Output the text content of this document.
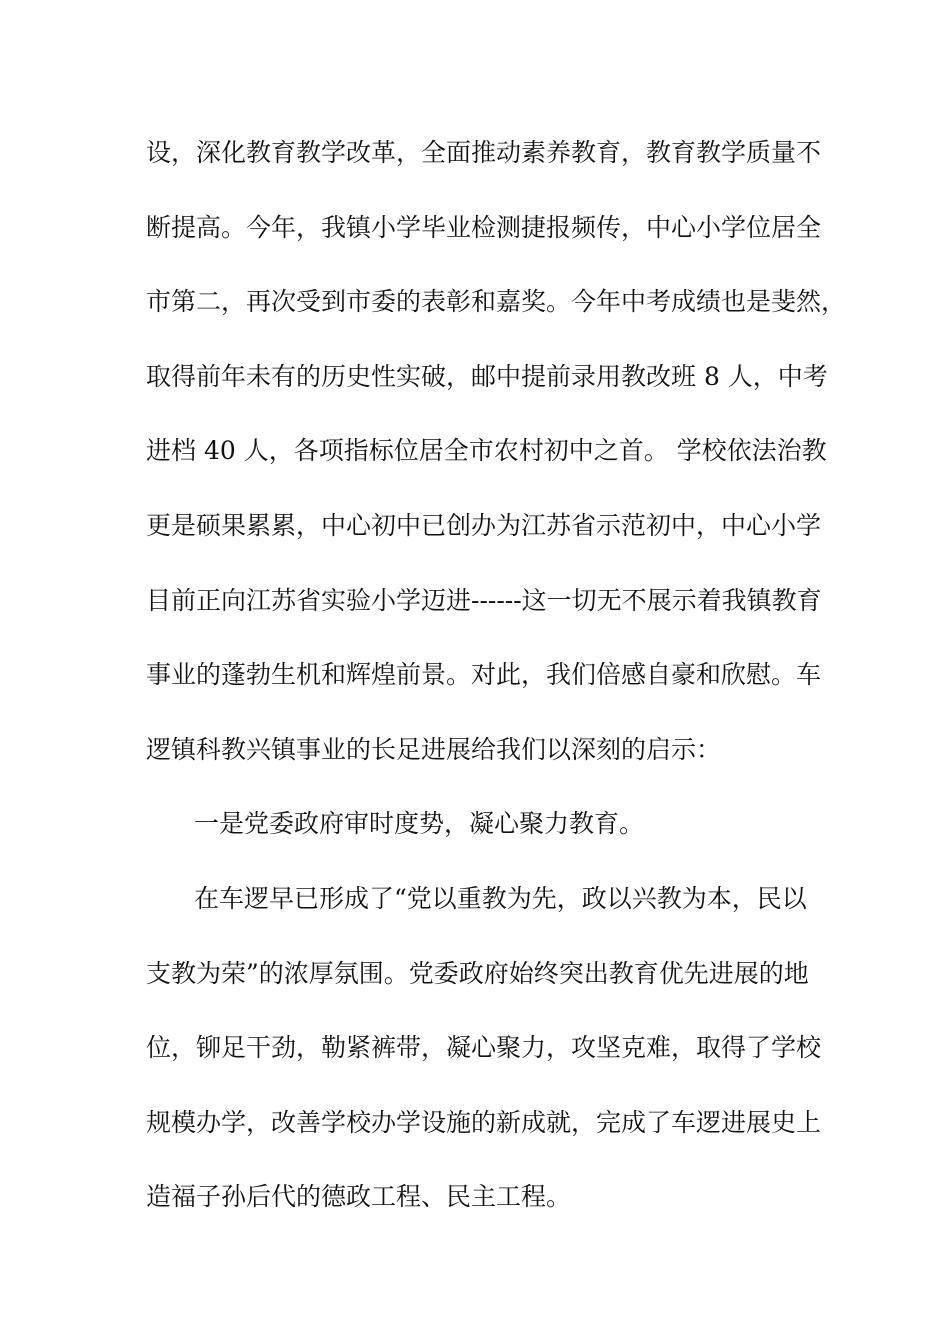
设，深化教育教学改革，全面推动素养教育，教育教学质量不
断提高。今年，我镇小学毕业检测捷报频传，中心小学位居全
市第二，再次受到市委的表彰和嘉奖。今年中考成绩也是斐然，
取得前年未有的历史性实破，邮中提前录用教改班 8 人，中考
进档 40 人，各项指标位居全市农村初中之首。 学校依法治教
更是硕果累累，中心初中已创办为江苏省示范初中，中心小学
目前正向江苏省实验小学迈进------这一切无不展示着我镇教育
事业的蓬勃生机和辉煌前景。对此，我们倍感自豪和欣慰。车
逻镇科教兴镇事业的长足进展给我们以深刻的启示：
一是党委政府审时度势，凝心聚力教育。
在车逻早已形成了“党以重教为先，政以兴教为本，民以
支教为荣”的浓厚氛围。党委政府始终突出教育优先进展的地
位，铆足干劲，勒紧裤带，凝心聚力，攻坚克难，取得了学校
规模办学，改善学校办学设施的新成就，完成了车逻进展史上
造福子孙后代的德政工程、民主工程。
